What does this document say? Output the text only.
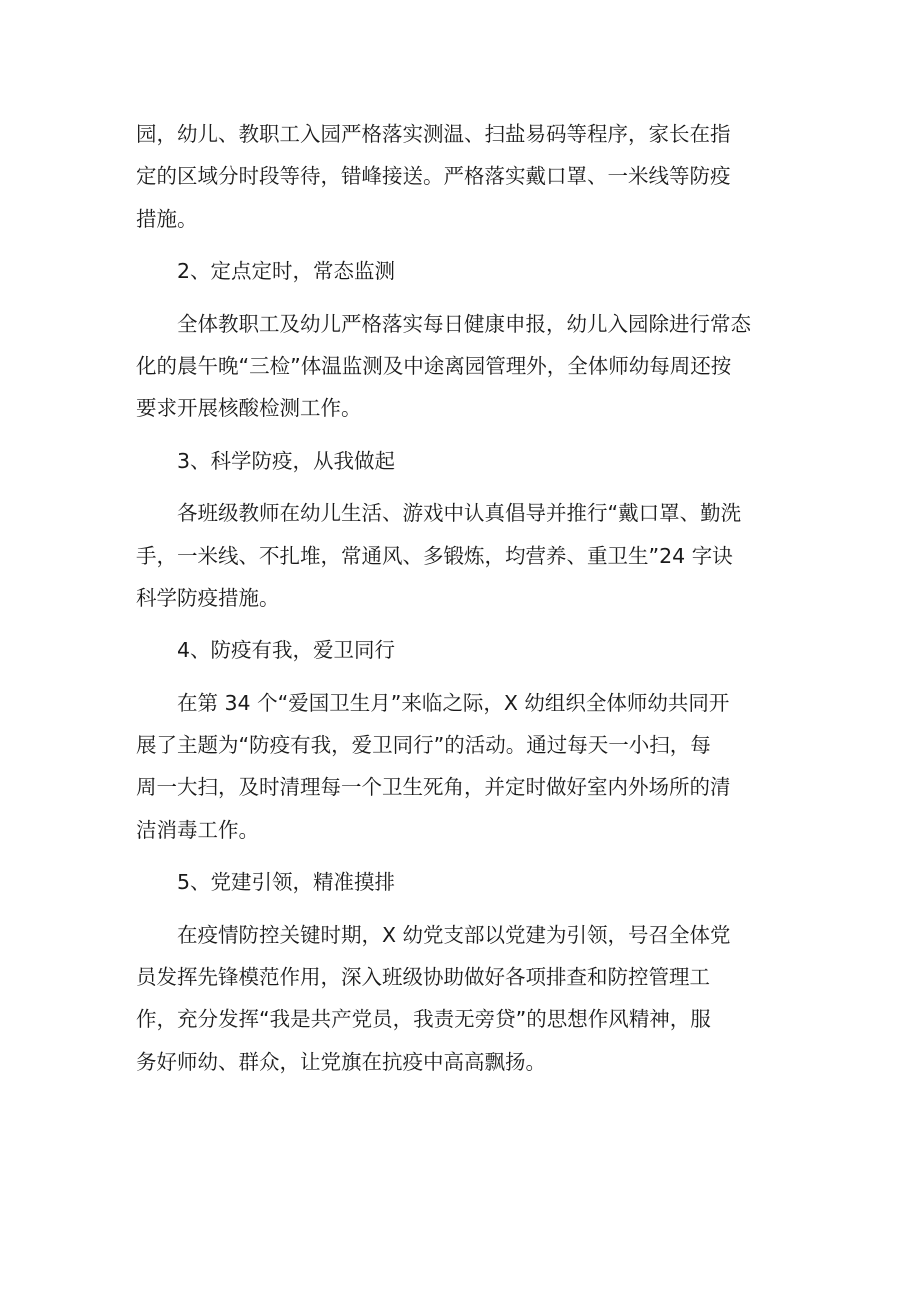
园，幼儿、教职工入园严格落实测温、扫盐易码等程序，家长在指
定的区域分时段等待，错峰接送。严格落实戴口罩、一米线等防疫
措施。
2、定点定时，常态监测
全体教职工及幼儿严格落实每日健康申报，幼儿入园除进行常态
化的晨午晚“三检”体温监测及中途离园管理外，全体师幼每周还按
要求开展核酸检测工作。
3、科学防疫，从我做起
各班级教师在幼儿生活、游戏中认真倡导并推行“戴口罩、勤洗
手，一米线、不扎堆，常通风、多锻炼，均营养、重卫生”24 字诀
科学防疫措施。
4、防疫有我，爱卫同行
在第 34 个“爱国卫生月”来临之际，X 幼组织全体师幼共同开
展了主题为“防疫有我，爱卫同行”的活动。通过每天一小扫，每
周一大扫，及时清理每一个卫生死角，并定时做好室内外场所的清
洁消毒工作。
5、党建引领，精准摸排
在疫情防控关键时期，X 幼党支部以党建为引领，号召全体党
员发挥先锋模范作用，深入班级协助做好各项排查和防控管理工
作，充分发挥“我是共产党员，我责无旁贷”的思想作风精神，服
务好师幼、群众，让党旗在抗疫中高高飘扬。
